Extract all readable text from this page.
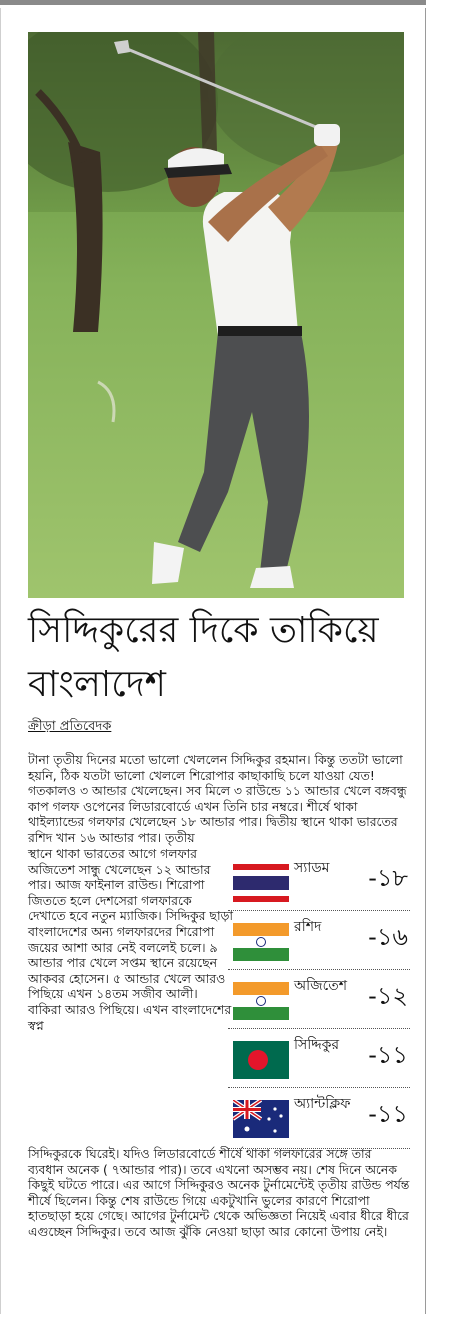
সিদ্দিকুরের দিকে তাকিয়ে
বাংলাদেশ
ক্রীড়া প্রতিবেদক
টানা তৃতীয় দিনের মতো ভালো খেললেন সিদ্দিকুর রহমান। কিন্তু ততটা ভালো হয়নি, ঠিক যতটা ভালো খেললে শিরোপার কাছাকাছি চলে যাওয়া যেত! গতকালও ৩ আন্ডার খেলেছেন। সব মিলে ৩ রাউন্ডে ১১ আন্ডার খেলে বঙ্গবন্ধু কাপ গলফ ওপেনের লিডারবোর্ডে এখন তিনি চার নম্বরে। শীর্ষে থাকা থাইল্যান্ডের গলফার খেলেছেন ১৮ আন্ডার পার। দ্বিতীয় স্থানে থাকা ভারতের রশিদ খান ১৬ আন্ডার পার। তৃতীয়
স্থানে থাকা ভারতের আগে গলফার অজিতেশ সান্ধু খেলেছেন ১২ আন্ডার পার। আজ ফাইনাল রাউন্ড। শিরোপা জিততে হলে দেশসেরা গলফারকে দেখাতে হবে নতুন ম্যাজিক। সিদ্দিকুর ছাড়া বাংলাদেশের অন্য গলফারদের শিরোপা জয়ের আশা আর নেই বললেই চলে। ৯ আন্ডার পার খেলে সপ্তম স্থানে রয়েছেন আকবর হোসেন। ৫ আন্ডার খেলে আরও পিছিয়ে এখন ১৪তম সজীব আলী। বাকিরা আরও পিছিয়ে। এখন বাংলাদেশের স্বপ্ন
সিদ্দিকুরকে ঘিরেই। যদিও লিডারবোর্ডে শীর্ষে থাকা গলফারের সঙ্গে তার ব্যবধান অনেক ( ৭আন্ডার পার)। তবে এখনো অসম্ভব নয়। শেষ দিনে অনেক কিছুই ঘটতে পারে। এর আগে সিদ্দিকুরও অনেক টুর্নামেন্টেই তৃতীয় রাউন্ড পর্যন্ত শীর্ষে ছিলেন। কিন্তু শেষ রাউন্ডে গিয়ে একটুখানি ভুলের কারণে শিরোপা হাতছাড়া হয়ে গেছে। আগের টুর্নামেন্ট থেকে অভিজ্ঞতা নিয়েই এবার ধীরে ধীরে এগুচ্ছেন সিদ্দিকুর। তবে আজ ঝুঁকি নেওয়া ছাড়া আর কোনো উপায় নেই।
স্যাডম -১৮
রশিদ -১৬
অজিতেশ -১২
সিদ্দিকুর -১১
অ্যান্টক্লিফ -১১
